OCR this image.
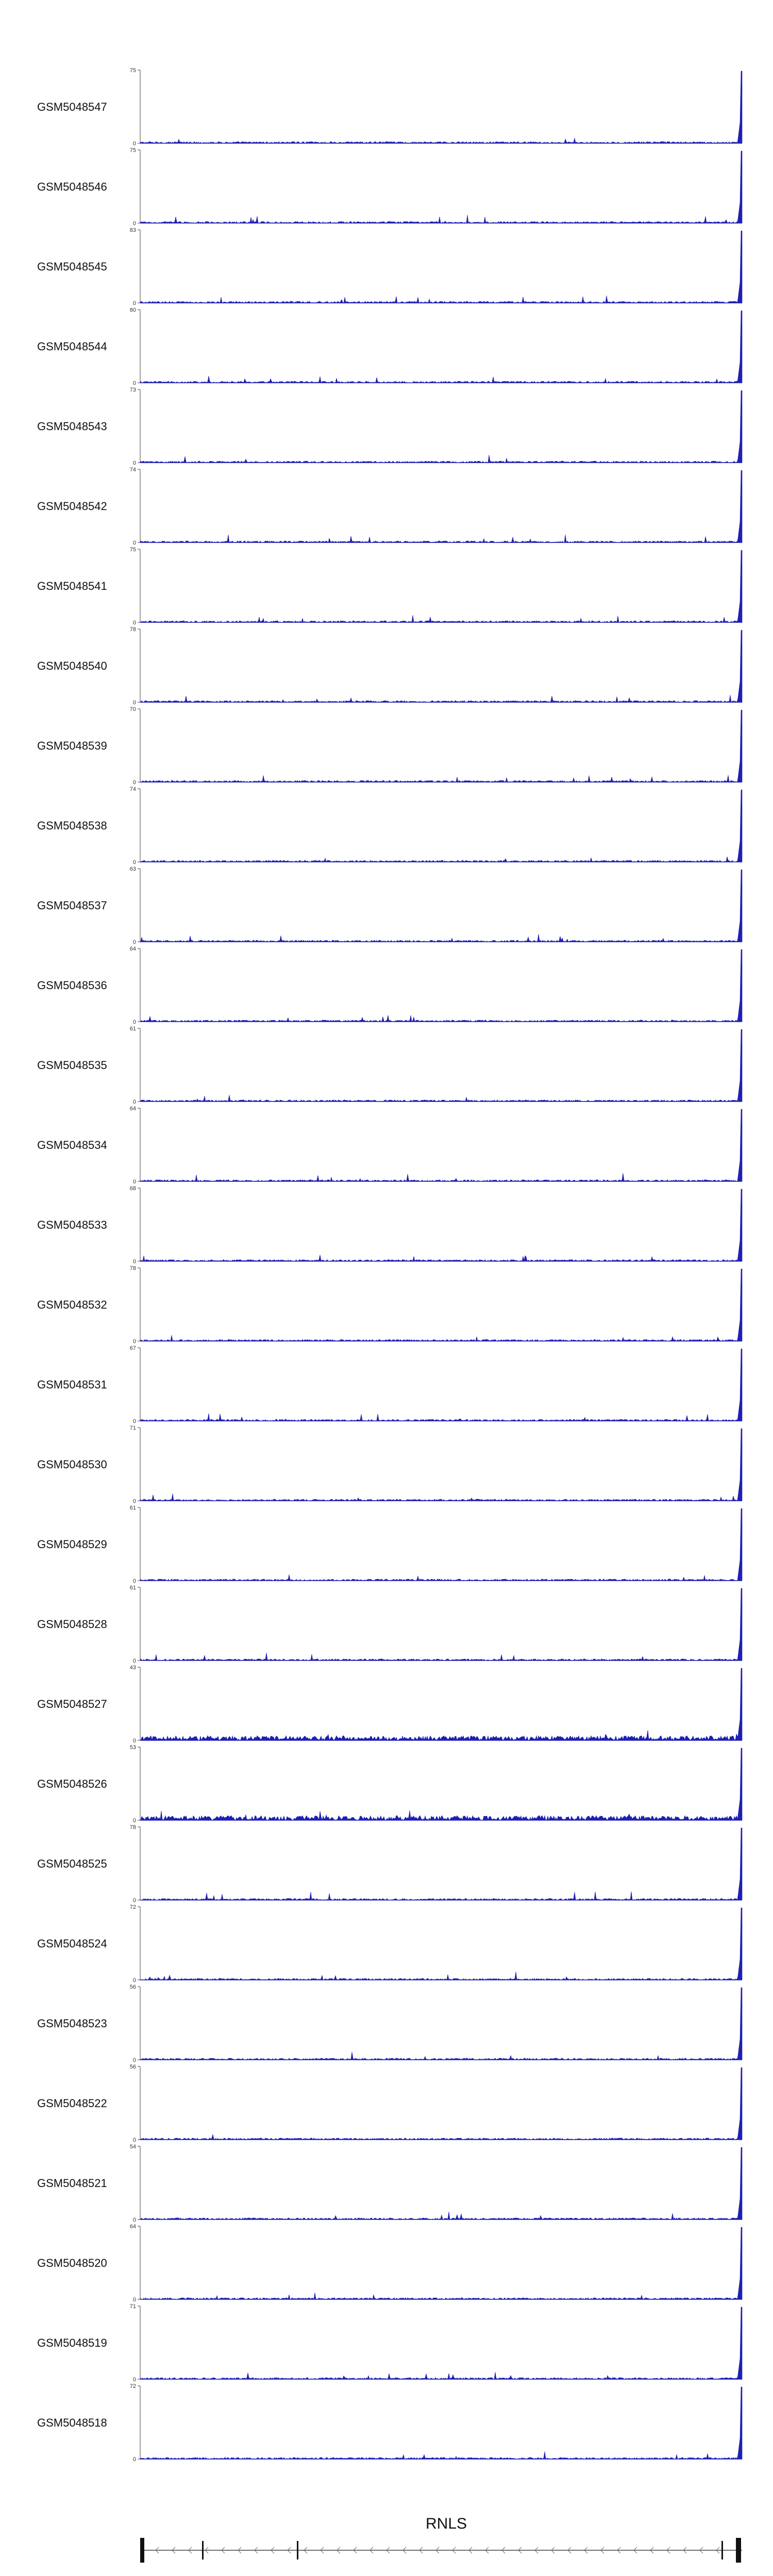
GSM5048547
75
0
GSM5048546
75
0
GSM5048545
83
0
GSM5048544
80
0
GSM5048543
73
0
GSM5048542
74
0
GSM5048541
75
0
GSM5048540
78
0
GSM5048539
70
0
GSM5048538
74
0
GSM5048537
63
0
GSM5048536
64
0
GSM5048535
61
0
GSM5048534
64
0
GSM5048533
68
0
GSM5048532
78
0
GSM5048531
67
0
GSM5048530
71
0
GSM5048529
61
0
GSM5048528
61
0
GSM5048527
43
0
GSM5048526
53
0
GSM5048525
78
0
GSM5048524
72
0
GSM5048523
56
0
GSM5048522
56
0
GSM5048521
54
0
GSM5048520
64
0
GSM5048519
71
0
GSM5048518
72
0
RNLS
